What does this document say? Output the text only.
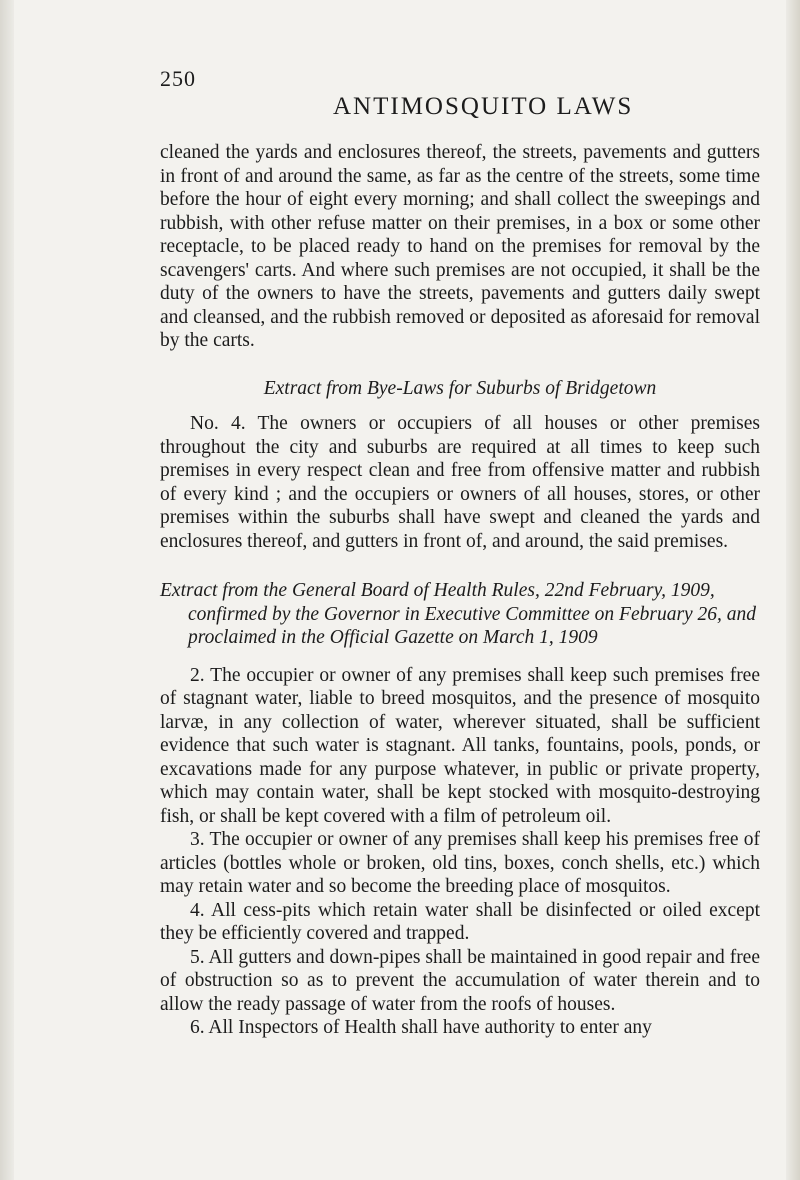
250
ANTIMOSQUITO LAWS

cleaned the yards and enclosures thereof, the streets, pavements and gutters in front of and around the same, as far as the centre of the streets, some time before the hour of eight every morning; and shall collect the sweepings and rubbish, with other refuse matter on their premises, in a box or some other receptacle, to be placed ready to hand on the premises for removal by the scavengers' carts. And where such premises are not occupied, it shall be the duty of the owners to have the streets, pavements and gutters daily swept and cleansed, and the rubbish removed or deposited as aforesaid for removal by the carts.

Extract from Bye-Laws for Suburbs of Bridgetown

No. 4. The owners or occupiers of all houses or other premises throughout the city and suburbs are required at all times to keep such premises in every respect clean and free from offensive matter and rubbish of every kind ; and the occupiers or owners of all houses, stores, or other premises within the suburbs shall have swept and cleaned the yards and enclosures thereof, and gutters in front of, and around, the said premises.

Extract from the General Board of Health Rules, 22nd February, 1909, confirmed by the Governor in Executive Committee on February 26, and proclaimed in the Official Gazette on March 1, 1909

2. The occupier or owner of any premises shall keep such premises free of stagnant water, liable to breed mosquitos, and the presence of mosquito larvæ, in any collection of water, wherever situated, shall be sufficient evidence that such water is stagnant. All tanks, fountains, pools, ponds, or excavations made for any purpose whatever, in public or private property, which may contain water, shall be kept stocked with mosquito-destroying fish, or shall be kept covered with a film of petroleum oil.

3. The occupier or owner of any premises shall keep his premises free of articles (bottles whole or broken, old tins, boxes, conch shells, etc.) which may retain water and so become the breeding place of mosquitos.

4. All cess-pits which retain water shall be disinfected or oiled except they be efficiently covered and trapped.

5. All gutters and down-pipes shall be maintained in good repair and free of obstruction so as to prevent the accumulation of water therein and to allow the ready passage of water from the roofs of houses.

6. All Inspectors of Health shall have authority to enter any
